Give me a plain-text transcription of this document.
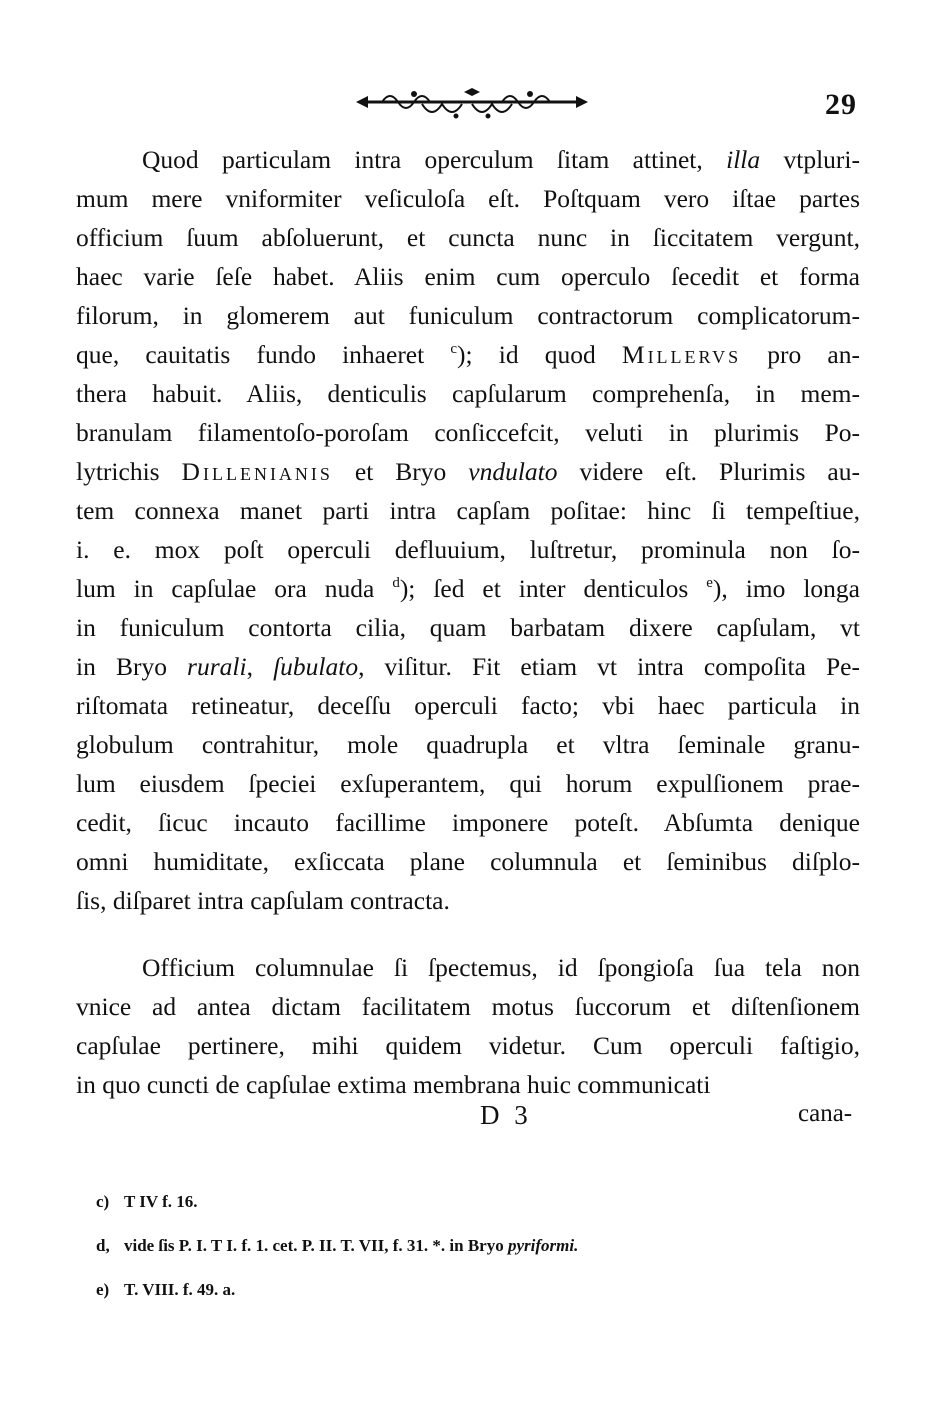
29
Quod particulam intra operculum ſitam attinet, illa vtpluri-
mum mere vniformiter veſiculoſa eſt. Poſtquam vero iſtae partes
officium ſuum abſoluerunt, et cuncta nunc in ſiccitatem vergunt,
haec varie ſeſe habet. Aliis enim cum operculo ſecedit et forma
filorum, in glomerem aut funiculum contractorum complicatorum-
que, cauitatis fundo inhaeret $^c$); id quod Millervs pro an-
thera habuit. Aliis, denticulis capſularum comprehenſa, in mem-
branulam filamentoſo-poroſam conſiccefcit, veluti in plurimis Po-
lytrichis Dillenianis et Bryo vndulato videre eſt. Plurimis au-
tem connexa manet parti intra capſam poſitae: hinc ſi tempeſtiue,
i. e. mox poſt operculi defluuium, luſtretur, prominula non ſo-
lum in capſulae ora nuda $^d$); ſed et inter denticulos $^e$), imo longa
in funiculum contorta cilia, quam barbatam dixere capſulam, vt
in Bryo rurali, ſubulato, viſitur. Fit etiam vt intra compoſita Pe-
riſtomata retineatur, deceſſu operculi facto; vbi haec particula in
globulum contrahitur, mole quadrupla et vltra ſeminale granu-
lum eiusdem ſpeciei exſuperantem, qui horum expulſionem prae-
cedit, ſicuc incauto facillime imponere poteſt. Abſumta denique
omni humiditate, exſiccata plane columnula et ſeminibus diſplo-
ſis, diſparet intra capſulam contracta.
Officium columnulae ſi ſpectemus, id ſpongioſa ſua tela non
vnice ad antea dictam facilitatem motus ſuccorum et diſtenſionem
capſulae pertinere, mihi quidem videtur. Cum operculi faſtigio,
in quo cuncti de capſulae extima membrana huic communicati
D 3	cana-
c) T IV f. 16.
d, vide ſis P. I. T I. f. 1. cet. P. II. T. VII, f. 31. *. in Bryo pyriformi.
e) T. VIII. f. 49. a.
